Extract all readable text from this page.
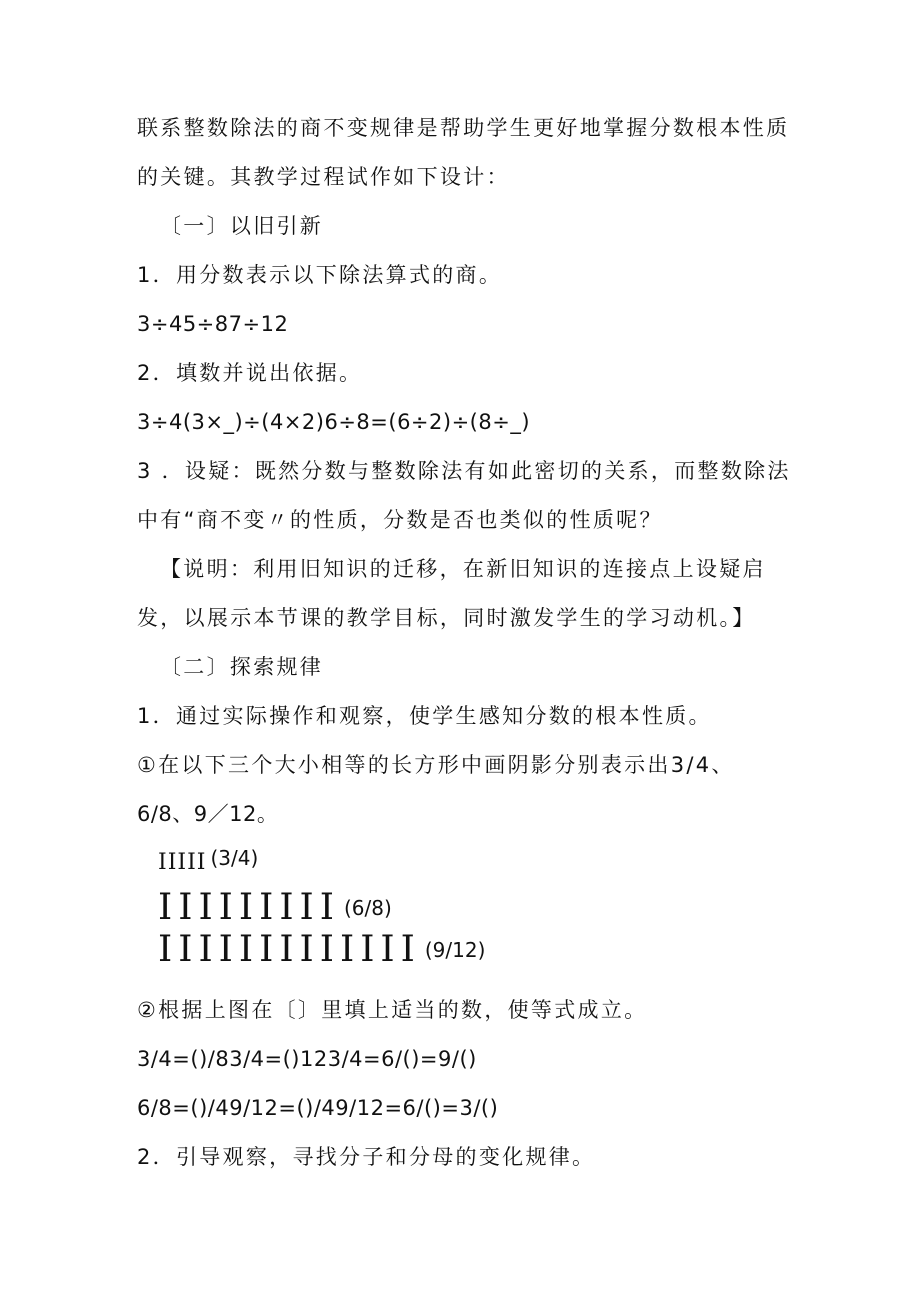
联系整数除法的商不变规律是帮助学生更好地掌握分数根本性质
的关键。其教学过程试作如下设计：
〔一〕以旧引新
1．用分数表示以下除法算式的商。
3÷45÷87÷12
2．填数并说出依据。
3÷4(3×_)÷(4×2)6÷8=(6÷2)÷(8÷_)
3 ．设疑：既然分数与整数除法有如此密切的关系，而整数除法
中有“商不变〃的性质，分数是否也类似的性质呢？
【说明：利用旧知识的迁移，在新旧知识的连接点上设疑启
发，以展示本节课的教学目标，同时激发学生的学习动机。】
〔二〕探索规律
1．通过实际操作和观察，使学生感知分数的根本性质。
①在以下三个大小相等的长方形中画阴影分别表示出3/4、
6/8、9／12。
IIIII (3/4)
IIIIIIIII (6/8)
IIIIIIIIIIIII (9/12)
②根据上图在〔〕里填上适当的数，使等式成立。
3/4=()/83/4=()123/4=6/()=9/()
6/8=()/49/12=()/49/12=6/()=3/()
2．引导观察，寻找分子和分母的变化规律。
